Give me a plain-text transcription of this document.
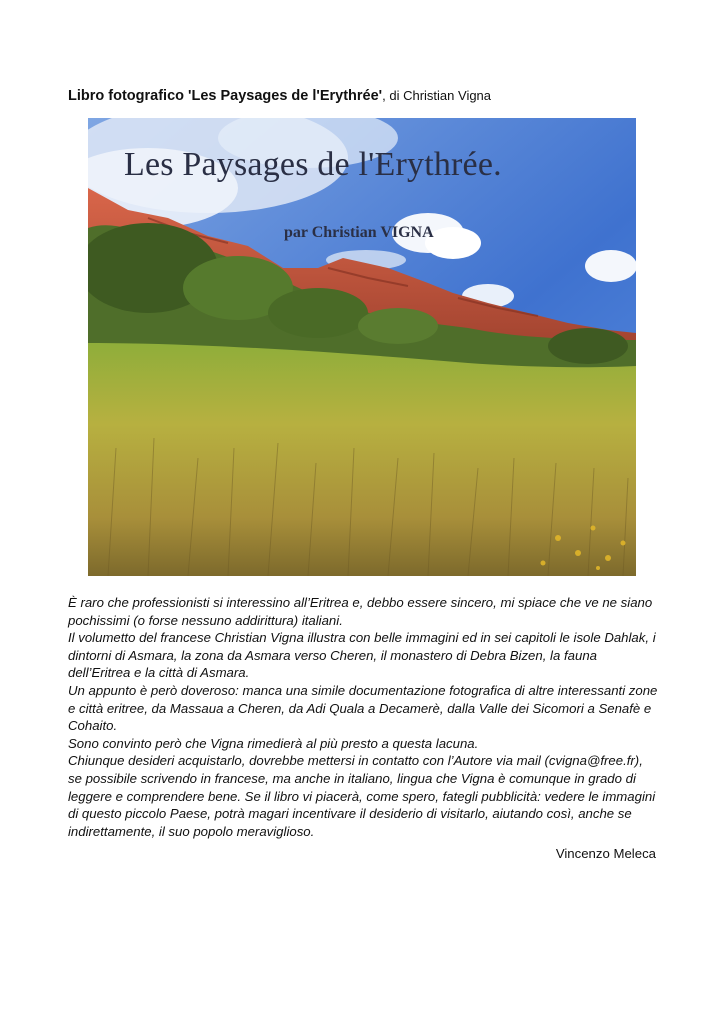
Libro fotografico 'Les Paysages de l'Erythrée', di Christian Vigna
Les Paysages de l'Erythrée.
par Christian VIGNA

È raro che professionisti si interessino all’Eritrea e, debbo essere sincero, mi spiace che ve ne siano pochissimi (o forse nessuno addirittura) italiani.

Il volumetto del francese Christian Vigna illustra con belle immagini ed in sei capitoli le isole Dahlak, i dintorni di Asmara, la zona da Asmara verso Cheren, il monastero di Debra Bizen, la fauna dell’Eritrea e la città di Asmara.

Un appunto è però doveroso: manca una simile documentazione fotografica di altre interessanti zone e città eritree, da Massaua a Cheren, da Adi Quala a Decamerè, dalla Valle dei Sicomori a Senafè e Cohaito.

Sono convinto però che Vigna rimedierà al più presto a questa lacuna.

Chiunque desideri acquistarlo, dovrebbe mettersi in contatto con l’Autore via mail (cvigna@free.fr), se possibile scrivendo in francese, ma anche in italiano, lingua che Vigna è comunque in grado di leggere e comprendere bene. Se il libro vi piacerà, come spero, fategli pubblicità: vedere le immagini di questo piccolo Paese, potrà magari incentivare il desiderio di visitarlo, aiutando così, anche se indirettamente, il suo popolo meraviglioso.

Vincenzo Meleca
